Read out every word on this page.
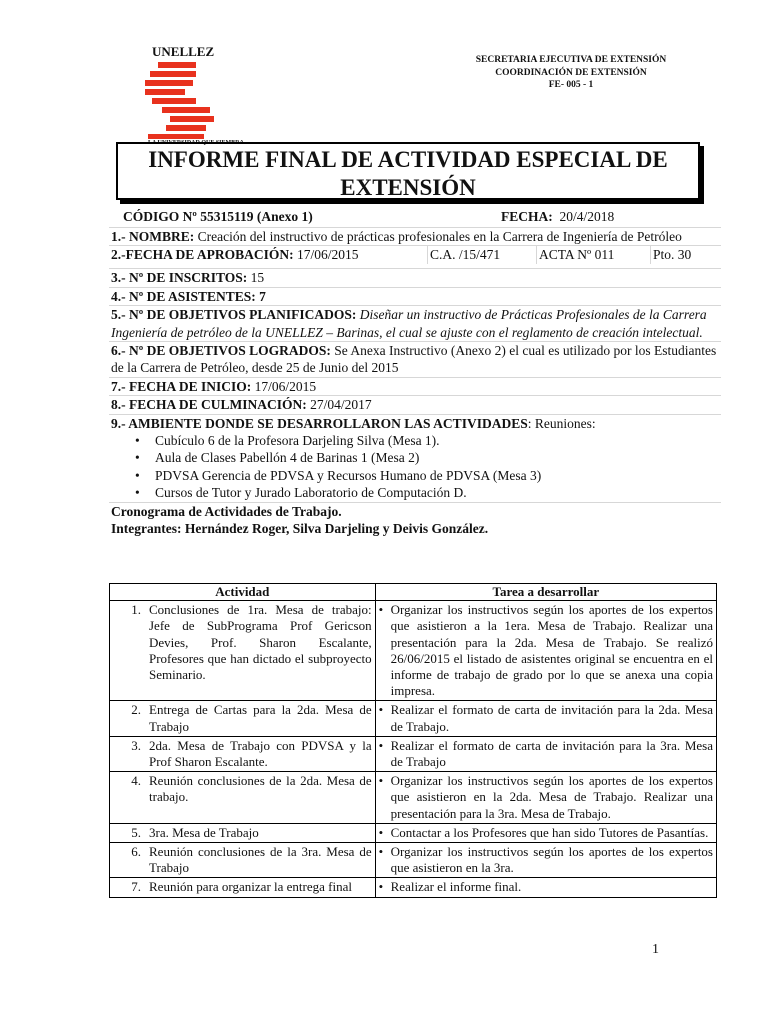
UNELLEZ
LA UNIVERSIDAD QUE SIEMBRA
SECRETARIA EJECUTIVA DE EXTENSIÓN
COORDINACIÓN DE EXTENSIÓN
FE- 005 - 1
INFORME FINAL DE ACTIVIDAD ESPECIAL DE
EXTENSIÓN
CÓDIGO Nº 55315119 (Anexo 1)	FECHA: 20/4/2018
1.- NOMBRE: Creación del instructivo de prácticas profesionales en la Carrera de Ingeniería de Petróleo
2.-FECHA DE APROBACIÓN: 17/06/2015	C.A. /15/471	ACTA Nº 011	Pto. 30
3.- Nº DE INSCRITOS: 15
4.- Nº DE ASISTENTES: 7
5.- Nº DE OBJETIVOS PLANIFICADOS: Diseñar un instructivo de Prácticas Profesionales de la Carrera Ingeniería de petróleo de la UNELLEZ – Barinas, el cual se ajuste con el reglamento de creación intelectual.
6.- Nº DE OBJETIVOS LOGRADOS: Se Anexa Instructivo (Anexo 2) el cual es utilizado por los Estudiantes de la Carrera de Petróleo, desde 25 de Junio del 2015
7.- FECHA DE INICIO: 17/06/2015
8.- FECHA DE CULMINACIÓN: 27/04/2017
9.- AMBIENTE DONDE SE DESARROLLARON LAS ACTIVIDADES: Reuniones:
• Cubículo 6 de la Profesora Darjeling Silva (Mesa 1).
• Aula de Clases Pabellón 4 de Barinas 1 (Mesa 2)
• PDVSA Gerencia de PDVSA y Recursos Humano de PDVSA (Mesa 3)
• Cursos de Tutor y Jurado Laboratorio de Computación D.
Cronograma de Actividades de Trabajo.
Integrantes: Hernández Roger, Silva Darjeling y Deivis González.
Actividad	Tarea a desarrollar

1. Conclusiones de 1ra. Mesa de trabajo: Jefe de SubPrograma Prof Gericson Devies, Prof. Sharon Escalante, Profesores que han dictado el subproyecto Seminario.	• Organizar los instructivos según los aportes de los expertos que asistieron a la 1era. Mesa de Trabajo. Realizar una presentación para la 2da. Mesa de Trabajo. Se realizó 26/06/2015 el listado de asistentes original se encuentra en el informe de trabajo de grado por lo que se anexa una copia impresa.

2. Entrega de Cartas para la 2da. Mesa de Trabajo	• Realizar el formato de carta de invitación para la 2da. Mesa de Trabajo.

3. 2da. Mesa de Trabajo con PDVSA y la Prof Sharon Escalante.	• Realizar el formato de carta de invitación para la 3ra. Mesa de Trabajo

4. Reunión conclusiones de la 2da. Mesa de trabajo.	• Organizar los instructivos según los aportes de los expertos que asistieron en la 2da. Mesa de Trabajo. Realizar una presentación para la 3ra. Mesa de Trabajo.

5. 3ra. Mesa de Trabajo	• Contactar a los Profesores que han sido Tutores de Pasantías.

6. Reunión conclusiones de la 3ra. Mesa de Trabajo	• Organizar los instructivos según los aportes de los expertos que asistieron en la 3ra.

7. Reunión para organizar la entrega final	• Realizar el informe final.
1
